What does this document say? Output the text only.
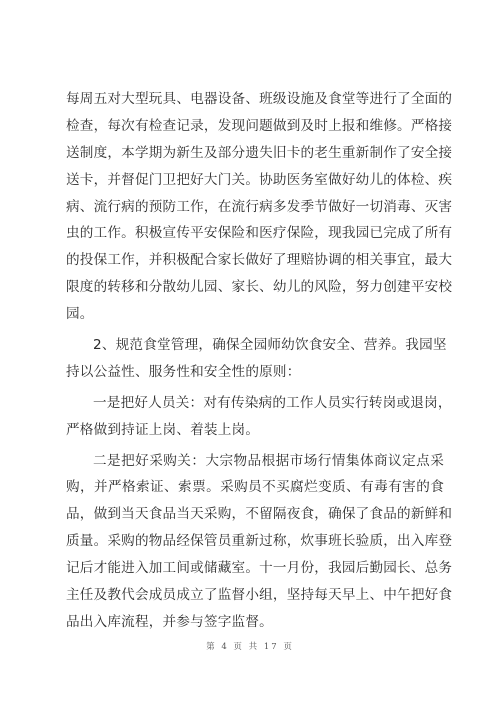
每周五对大型玩具、电器设备、班级设施及食堂等进行了全面的
检查，每次有检查记录，发现问题做到及时上报和维修。严格接
送制度，本学期为新生及部分遗失旧卡的老生重新制作了安全接
送卡，并督促门卫把好大门关。协助医务室做好幼儿的体检、疾
病、流行病的预防工作，在流行病多发季节做好一切消毒、灭害
虫的工作。积极宣传平安保险和医疗保险，现我园已完成了所有
的投保工作，并积极配合家长做好了理赔协调的相关事宜，最大
限度的转移和分散幼儿园、家长、幼儿的风险，努力创建平安校
园。
2、规范食堂管理，确保全园师幼饮食安全、营养。我园坚
持以公益性、服务性和安全性的原则：
一是把好人员关：对有传染病的工作人员实行转岗或退岗，
严格做到持证上岗、着装上岗。
二是把好采购关：大宗物品根据市场行情集体商议定点采
购，并严格索证、索票。采购员不买腐烂变质、有毒有害的食
品，做到当天食品当天采购，不留隔夜食，确保了食品的新鲜和
质量。采购的物品经保管员重新过称，炊事班长验质，出入库登
记后才能进入加工间或储藏室。十一月份，我园后勤园长、总务
主任及教代会成员成立了监督小组，坚持每天早上、中午把好食
品出入库流程，并参与签字监督。
第 4 页 共 17 页
